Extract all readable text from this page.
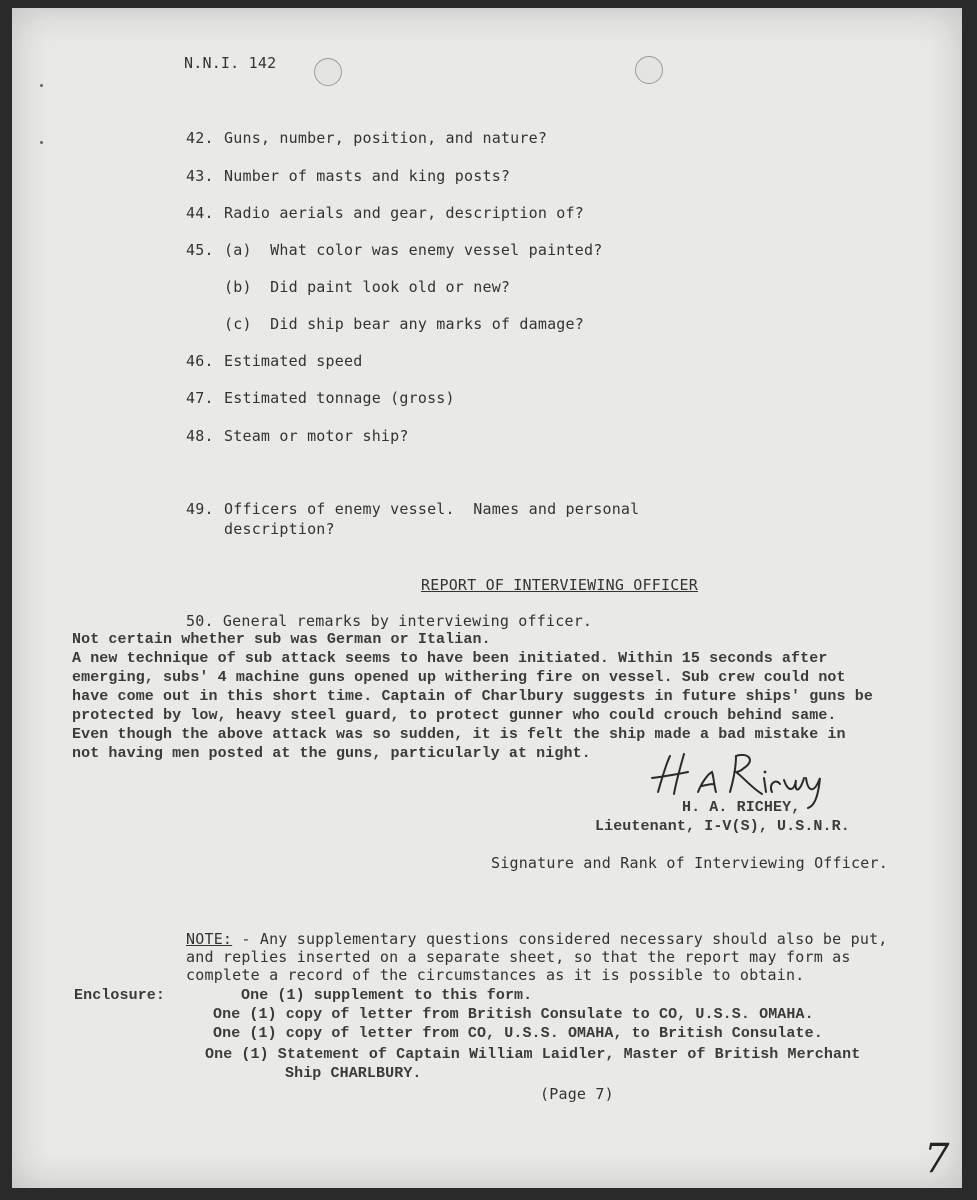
N.N.I. 142
42. Guns, number, position, and nature?
43. Number of masts and king posts?
44. Radio aerials and gear, description of?
45. (a)  What color was enemy vessel painted?
(b)  Did paint look old or new?
(c)  Did ship bear any marks of damage?
46. Estimated speed
47. Estimated tonnage (gross)
48. Steam or motor ship?
49. Officers of enemy vessel.  Names and personal
description?
REPORT OF INTERVIEWING OFFICER
50. General remarks by interviewing officer.
Not certain whether sub was German or Italian.
A new technique of sub attack seems to have been initiated. Within 15 seconds after
emerging, subs' 4 machine guns opened up withering fire on vessel. Sub crew could not
have come out in this short time. Captain of Charlbury suggests in future ships' guns be
protected by low, heavy steel guard, to protect gunner who could crouch behind same.
Even though the above attack was so sudden, it is felt the ship made a bad mistake in
not having men posted at the guns, particularly at night.	H. A. Richey
H. A. RICHEY,
Lieutenant, I-V(S), U.S.N.R.
Signature and Rank of Interviewing Officer.
NOTE: - Any supplementary questions considered necessary should also be put,
and replies inserted on a separate sheet, so that the report may form as
complete a record of the circumstances as it is possible to obtain.
Enclosure:	One (1) supplement to this form.
One (1) copy of letter from British Consulate to CO, U.S.S. OMAHA.
One (1) copy of letter from CO, U.S.S. OMAHA, to British Consulate.
One (1) Statement of Captain William Laidler, Master of British Merchant
Ship CHARLBURY.
(Page 7)
7
